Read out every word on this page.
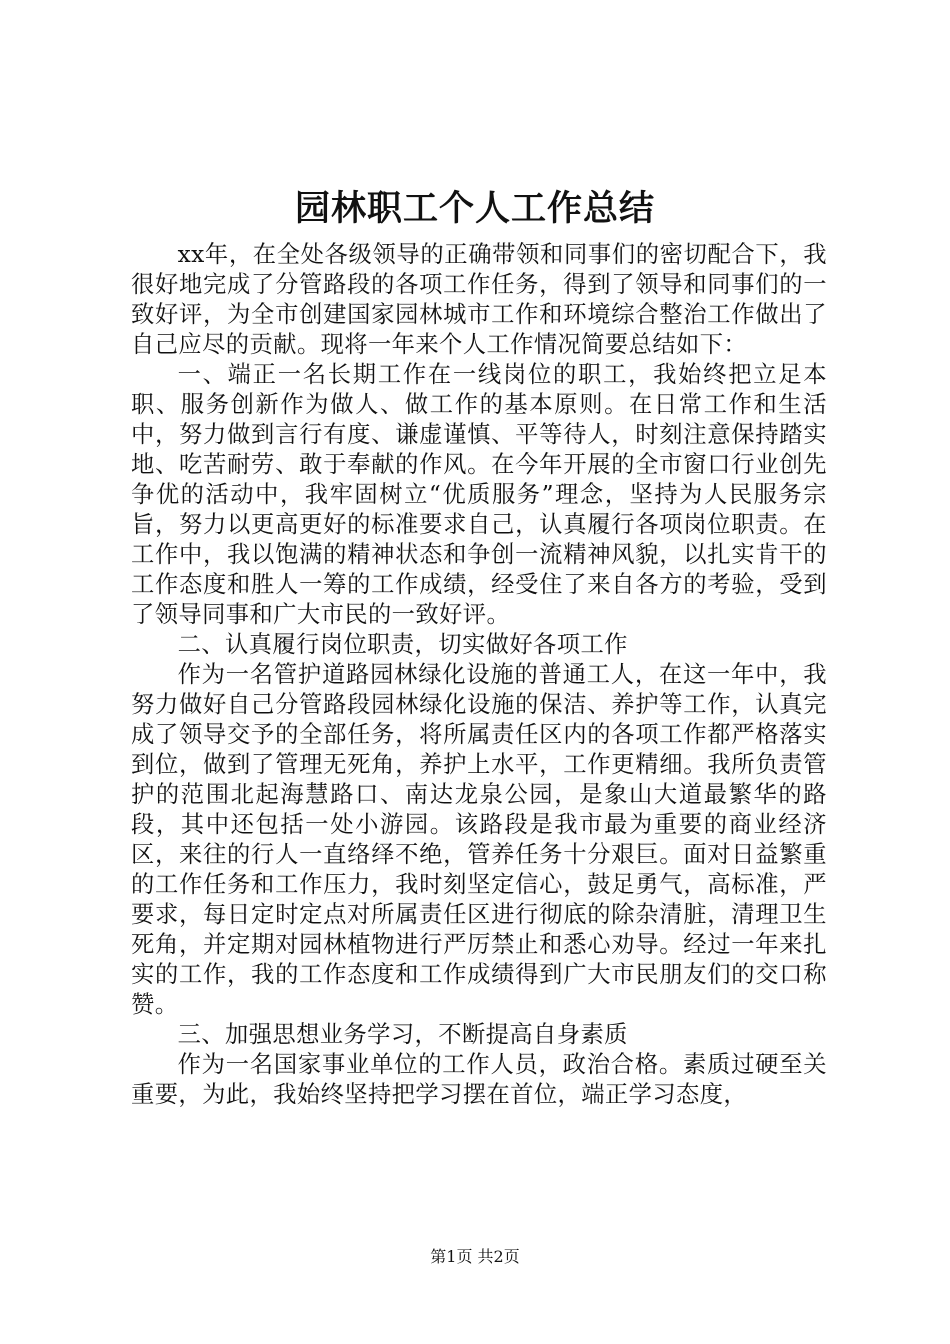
园林职工个人工作总结

xx年，在全处各级领导的正确带领和同事们的密切配合下，我很好地完成了分管路段的各项工作任务，得到了领导和同事们的一致好评，为全市创建国家园林城市工作和环境综合整治工作做出了自己应尽的贡献。现将一年来个人工作情况简要总结如下：

一、端正一名长期工作在一线岗位的职工，我始终把立足本职、服务创新作为做人、做工作的基本原则。在日常工作和生活中，努力做到言行有度、谦虚谨慎、平等待人，时刻注意保持踏实地、吃苦耐劳、敢于奉献的作风。在今年开展的全市窗口行业创先争优的活动中，我牢固树立“优质服务”理念，坚持为人民服务宗旨，努力以更高更好的标准要求自己，认真履行各项岗位职责。在工作中，我以饱满的精神状态和争创一流精神风貌，以扎实肯干的工作态度和胜人一筹的工作成绩，经受住了来自各方的考验，受到了领导同事和广大市民的一致好评。

二、认真履行岗位职责，切实做好各项工作

作为一名管护道路园林绿化设施的普通工人，在这一年中，我努力做好自己分管路段园林绿化设施的保洁、养护等工作，认真完成了领导交予的全部任务，将所属责任区内的各项工作都严格落实到位，做到了管理无死角，养护上水平，工作更精细。我所负责管护的范围北起海慧路口、南达龙泉公园，是象山大道最繁华的路段，其中还包括一处小游园。该路段是我市最为重要的商业经济区，来往的行人一直络绎不绝，管养任务十分艰巨。面对日益繁重的工作任务和工作压力，我时刻坚定信心，鼓足勇气，高标准，严要求，每日定时定点对所属责任区进行彻底的除杂清脏，清理卫生死角，并定期对园林植物进行严厉禁止和悉心劝导。经过一年来扎实的工作，我的工作态度和工作成绩得到广大市民朋友们的交口称赞。

三、加强思想业务学习，不断提高自身素质

作为一名国家事业单位的工作人员，政治合格。素质过硬至关重要，为此，我始终坚持把学习摆在首位，端正学习态度，

第1页 共2页
